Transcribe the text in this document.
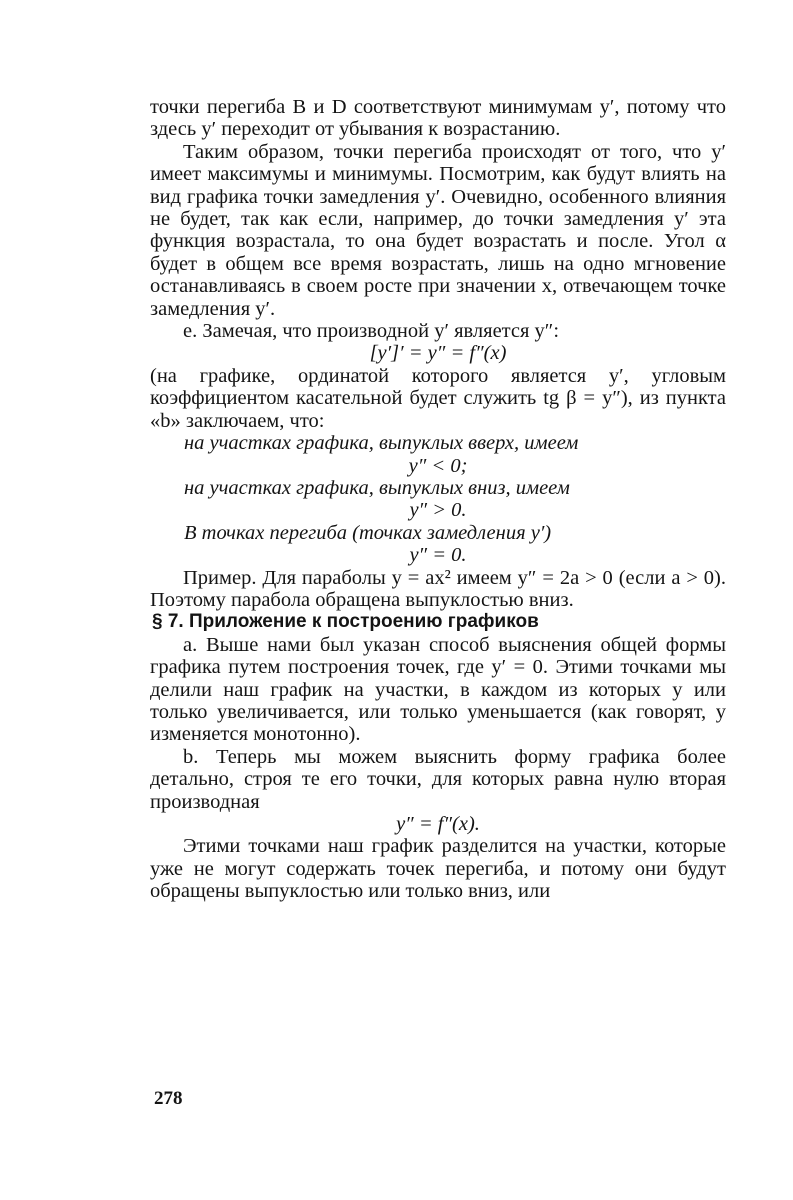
точки перегиба B и D соответствуют минимумам y′, потому что здесь y′ переходит от убывания к возрастанию.

Таким образом, точки перегиба происходят от того, что y′ имеет максимумы и минимумы. Посмотрим, как будут влиять на вид графика точки замедления y′. Очевидно, особенного влияния не будет, так как если, например, до точки замедления y′ эта функция возрастала, то она будет возрастать и после. Угол α будет в общем все время возрастать, лишь на одно мгновение останавливаясь в своем росте при значении x, отвечающем точке замедления y′.

е. Замечая, что производной y′ является y″:

[y′]′ = y″ = f″(x)

(на графике, ординатой которого является y′, угловым коэффициентом касательной будет служить tg β = y″), из пункта «b» заключаем, что:

на участках графика, выпуклых вверх, имеем

y″ < 0;

на участках графика, выпуклых вниз, имеем

y″ > 0.

В точках перегиба (точках замедления y′)

y″ = 0.

Пример. Для параболы y = ax² имеем y″ = 2a > 0 (если a > 0). Поэтому парабола обращена выпуклостью вниз.

§ 7. Приложение к построению графиков

а. Выше нами был указан способ выяснения общей формы графика путем построения точек, где y′ = 0. Этими точками мы делили наш график на участки, в каждом из которых y или только увеличивается, или только уменьшается (как говорят, y изменяется монотонно).

b. Теперь мы можем выяснить форму графика более детально, строя те его точки, для которых равна нулю вторая производная

y″ = f″(x).

Этими точками наш график разделится на участки, которые уже не могут содержать точек перегиба, и потому они будут обращены выпуклостью или только вниз, или

278
